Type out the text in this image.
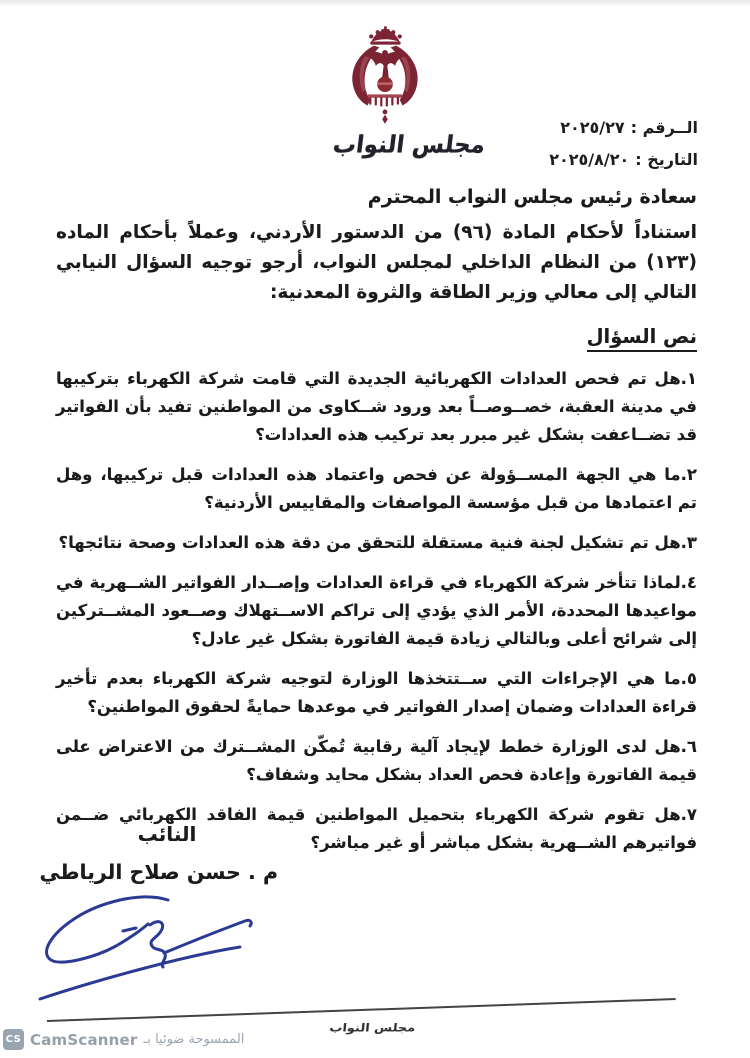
مجلس النواب
الــرقم :٢٠٢٥/٢٧
التاريخ :٢٠٢٥/٨/٢٠

سعادة رئيس مجلس النواب المحترم

استناداً لأحكام المادة (٩٦) من الدستور الأردني، وعملاً بأحكام الماده (١٢٣) من النظام الداخلي لمجلس النواب، أرجو توجيه السؤال النيابي التالي إلى معالي وزير الطاقة والثروة المعدنية:

نص السؤال

١.هل تم فحص العدادات الكهربائية الجديدة التي قامت شركة الكهرباء بتركيبها في مدينة العقبة، خصــوصــاً بعد ورود شــكاوى من المواطنين تفيد بأن الفواتير قد تضــاعفت بشكل غير مبرر بعد تركيب هذه العدادات؟

٢.ما هي الجهة المســؤولة عن فحص واعتماد هذه العدادات قبل تركيبها، وهل تم اعتمادها من قبل مؤسسة المواصفات والمقاييس الأردنية؟

٣.هل تم تشكيل لجنة فنية مستقلة للتحقق من دقة هذه العدادات وصحة نتائجها؟

٤.لماذا تتأخر شركة الكهرباء في قراءة العدادات وإصــدار الفواتير الشــهرية في مواعيدها المحددة، الأمر الذي يؤدي إلى تراكم الاســتهلاك وصــعود المشــتركين إلى شرائح أعلى وبالتالي زيادة قيمة الفاتورة بشكل غير عادل؟

٥.ما هي الإجراءات التي ســتتخذها الوزارة لتوجيه شركة الكهرباء بعدم تأخير قراءة العدادات وضمان إصدار الفواتير في موعدها حمايةً لحقوق المواطنين؟

٦.هل لدى الوزارة خطط لإيجاد آلية رقابية تُمكّن المشــترك من الاعتراض على قيمة الفاتورة وإعادة فحص العداد بشكل محايد وشفاف؟

٧.هل تقوم شركة الكهرباء بتحميل المواطنين قيمة الفاقد الكهربائي ضــمن فواتيرهم الشــهرية بشكل مباشر أو غير مباشر؟

النائب
م . حسن صلاح الرياطي
مجلس النواب
CS CamScanner الممسوحة ضوئيا بـ
